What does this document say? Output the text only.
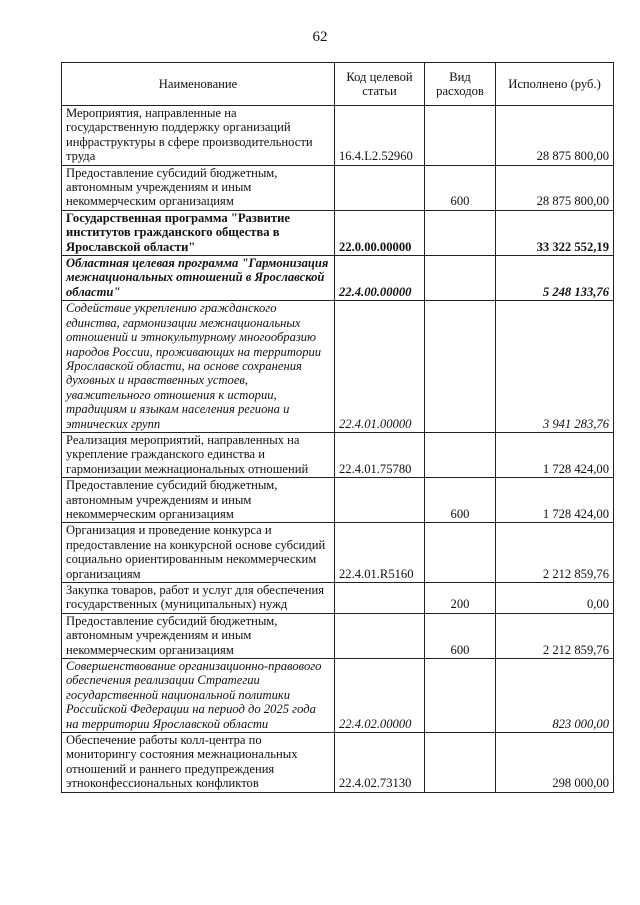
62
Наименование	Код целевой статьи	Вид расходов	Исполнено (руб.)
Мероприятия, направленные на государственную поддержку организаций инфраструктуры в сфере производительности труда	16.4.L2.52960		28 875 800,00
Предоставление субсидий бюджетным, автономным учреждениям и иным некоммерческим организациям		600	28 875 800,00
Государственная программа "Развитие институтов гражданского общества в Ярославской области"	22.0.00.00000		33 322 552,19
Областная целевая программа "Гармонизация межнациональных отношений в Ярославской области"	22.4.00.00000		5 248 133,76
Содействие укреплению гражданского единства, гармонизации межнациональных отношений и этнокультурному многообразию народов России, проживающих на территории Ярославской области, на основе сохранения духовных и нравственных устоев, уважительного отношения к истории, традициям и языкам населения региона и этнических групп	22.4.01.00000		3 941 283,76
Реализация мероприятий, направленных на укрепление гражданского единства и гармонизации межнациональных отношений	22.4.01.75780		1 728 424,00
Предоставление субсидий бюджетным, автономным учреждениям и иным некоммерческим организациям		600	1 728 424,00
Организация и проведение конкурса и предоставление на конкурсной основе субсидий социально ориентированным некоммерческим организациям	22.4.01.R5160		2 212 859,76
Закупка товаров, работ и услуг для обеспечения государственных (муниципальных) нужд		200	0,00
Предоставление субсидий бюджетным, автономным учреждениям и иным некоммерческим организациям		600	2 212 859,76
Совершенствование организационно-правового обеспечения реализации Стратегии государственной национальной политики Российской Федерации на период до 2025 года на территории Ярославской области	22.4.02.00000		823 000,00
Обеспечение работы колл-центра по мониторингу состояния межнациональных отношений и раннего предупреждения этноконфессиональных конфликтов	22.4.02.73130		298 000,00
